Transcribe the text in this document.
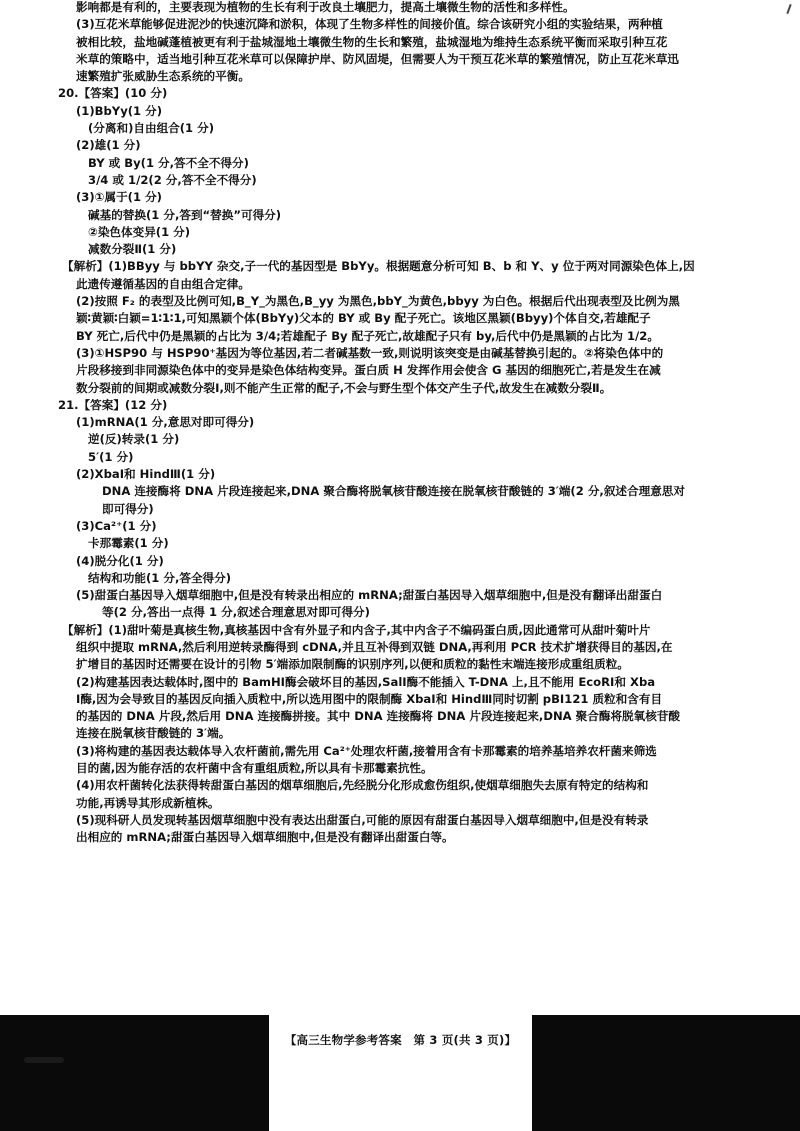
影响都是有利的，主要表现为植物的生长有利于改良土壤肥力，提高土壤微生物的活性和多样性。
(3)互花米草能够促进泥沙的快速沉降和淤积，体现了生物多样性的间接价值。综合该研究小组的实验结果，两种植
被相比较，盐地碱蓬植被更有利于盐城湿地土壤微生物的生长和繁殖，盐城湿地为维持生态系统平衡而采取引种互花
米草的策略中，适当地引种互花米草可以保障护岸、防风固堤，但需要人为干预互花米草的繁殖情况，防止互花米草迅
速繁殖扩张威胁生态系统的平衡。
20.【答案】(10 分)
(1)BbYy(1 分)
(分离和)自由组合(1 分)
(2)雄(1 分)
BY 或 By(1 分,答不全不得分)
3/4 或 1/2(2 分,答不全不得分)
(3)①属于(1 分)
碱基的替换(1 分,答到“替换”可得分)
②染色体变异(1 分)
减数分裂Ⅱ(1 分)
【解析】(1)BByy 与 bbYY 杂交,子一代的基因型是 BbYy。根据题意分析可知 B、b 和 Y、y 位于两对同源染色体上,因
此遗传遵循基因的自由组合定律。
(2)按照 F₂ 的表型及比例可知,B_Y_为黑色,B_yy 为黑色,bbY_为黄色,bbyy 为白色。根据后代出现表型及比例为黑
颖∶黄颖∶白颖=1∶1∶1,可知黑颖个体(BbYy)父本的 BY 或 By 配子死亡。该地区黑颖(Bbyy)个体自交,若雄配子
BY 死亡,后代中仍是黑颖的占比为 3/4;若雄配子 By 配子死亡,故雄配子只有 by,后代中仍是黑颖的占比为 1/2。
(3)①HSP90 与 HSP90⁺基因为等位基因,若二者碱基数一致,则说明该突变是由碱基替换引起的。②将染色体中的
片段移接到非同源染色体中的变异是染色体结构变异。蛋白质 H 发挥作用会使含 G 基因的细胞死亡,若是发生在减
数分裂前的间期或减数分裂Ⅰ,则不能产生正常的配子,不会与野生型个体交产生子代,故发生在减数分裂Ⅱ。
21.【答案】(12 分)
(1)mRNA(1 分,意思对即可得分)
逆(反)转录(1 分)
5′(1 分)
(2)XbaⅠ和 HindⅢ(1 分)
DNA 连接酶将 DNA 片段连接起来,DNA 聚合酶将脱氧核苷酸连接在脱氧核苷酸链的 3′端(2 分,叙述合理意思对
即可得分)
(3)Ca²⁺(1 分)
卡那霉素(1 分)
(4)脱分化(1 分)
结构和功能(1 分,答全得分)
(5)甜蛋白基因导入烟草细胞中,但是没有转录出相应的 mRNA;甜蛋白基因导入烟草细胞中,但是没有翻译出甜蛋白
等(2 分,答出一点得 1 分,叙述合理意思对即可得分)
【解析】(1)甜叶菊是真核生物,真核基因中含有外显子和内含子,其中内含子不编码蛋白质,因此通常可从甜叶菊叶片
组织中提取 mRNA,然后利用逆转录酶得到 cDNA,并且互补得到双链 DNA,再利用 PCR 技术扩增获得目的基因,在
扩增目的基因时还需要在设计的引物 5′端添加限制酶的识别序列,以便和质粒的黏性末端连接形成重组质粒。
(2)构建基因表达载体时,图中的 BamHⅠ酶会破坏目的基因,SalⅠ酶不能插入 T-DNA 上,且不能用 EcoRⅠ和 Xba
Ⅰ酶,因为会导致目的基因反向插入质粒中,所以选用图中的限制酶 XbaⅠ和 HindⅢ同时切割 pBI121 质粒和含有目
的基因的 DNA 片段,然后用 DNA 连接酶拼接。其中 DNA 连接酶将 DNA 片段连接起来,DNA 聚合酶将脱氧核苷酸
连接在脱氧核苷酸链的 3′端。
(3)将构建的基因表达载体导入农杆菌前,需先用 Ca²⁺处理农杆菌,接着用含有卡那霉素的培养基培养农杆菌来筛选
目的菌,因为能存活的农杆菌中含有重组质粒,所以具有卡那霉素抗性。
(4)用农杆菌转化法获得转甜蛋白基因的烟草细胞后,先经脱分化形成愈伤组织,使烟草细胞失去原有特定的结构和
功能,再诱导其形成新植株。
(5)现科研人员发现转基因烟草细胞中没有表达出甜蛋白,可能的原因有甜蛋白基因导入烟草细胞中,但是没有转录
出相应的 mRNA;甜蛋白基因导入烟草细胞中,但是没有翻译出甜蛋白等。
【高三生物学参考答案　第 3 页(共 3 页)】
